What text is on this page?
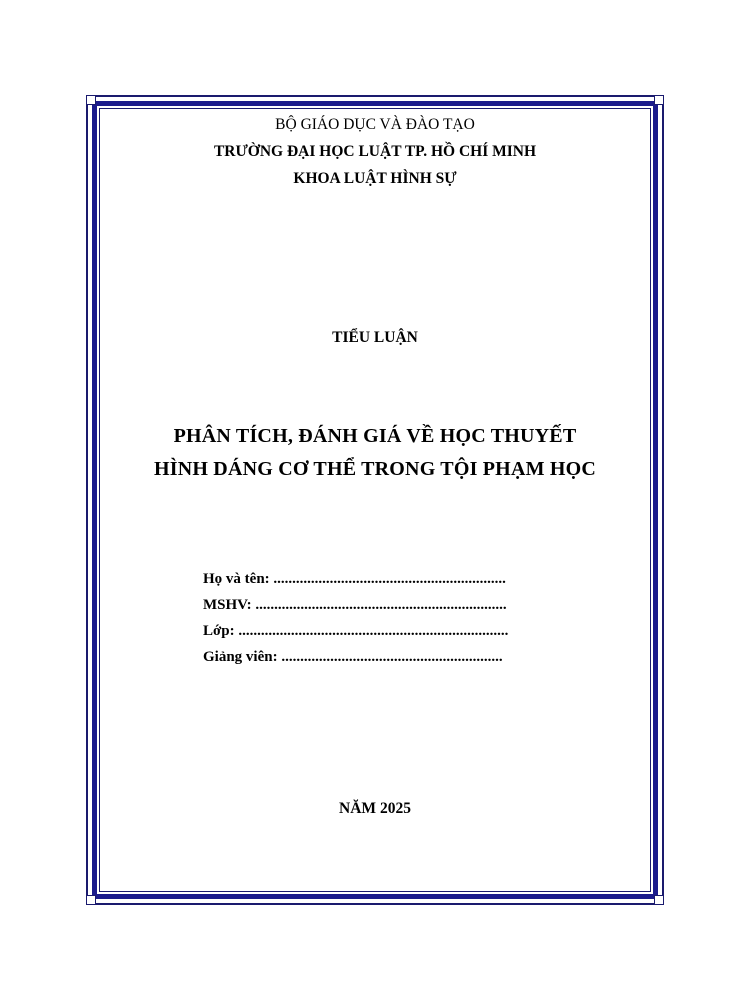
BỘ GIÁO DỤC VÀ ĐÀO TẠO
TRƯỜNG ĐẠI HỌC LUẬT TP. HỒ CHÍ MINH
KHOA LUẬT HÌNH SỰ
TIỂU LUẬN
PHÂN TÍCH, ĐÁNH GIÁ VỀ HỌC THUYẾT
HÌNH DÁNG CƠ THỂ TRONG TỘI PHẠM HỌC
Họ và tên: ..............................................................
MSHV: ...................................................................
Lớp: ........................................................................
Giảng viên: ...........................................................
NĂM 2025
